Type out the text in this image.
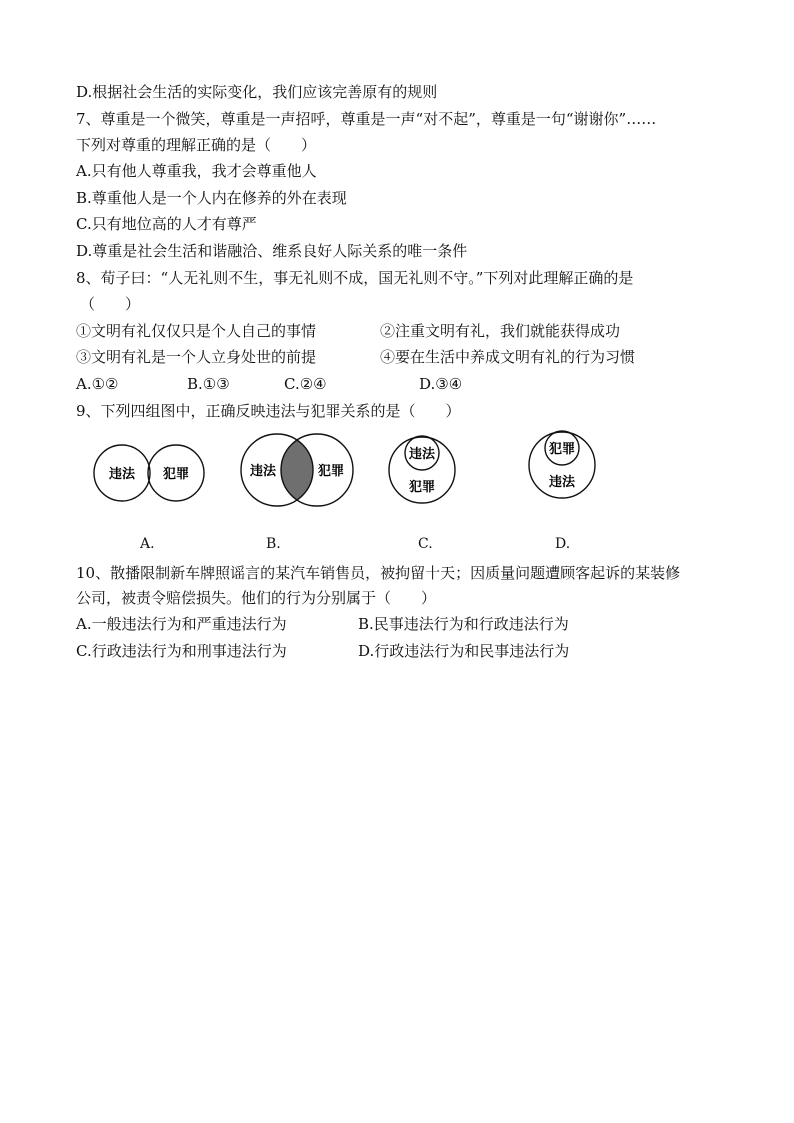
D.根据社会生活的实际变化，我们应该完善原有的规则
7、尊重是一个微笑，尊重是一声招呼，尊重是一声“对不起”，尊重是一句“谢谢你”……
下列对尊重的理解正确的是（　　）
A.只有他人尊重我，我才会尊重他人
B.尊重他人是一个人内在修养的外在表现
C.只有地位高的人才有尊严
D.尊重是社会生活和谐融洽、维系良好人际关系的唯一条件
8、荀子曰：“人无礼则不生，事无礼则不成，国无礼则不守。”下列对此理解正确的是
（　　）
①文明有礼仅仅只是个人自己的事情	②注重文明有礼，我们就能获得成功
③文明有礼是一个人立身处世的前提	④要在生活中养成文明有礼的行为习惯
A.①②	B.①③	C.②④	D.③④
9、下列四组图中，正确反映违法与犯罪关系的是（　　）
违法 犯罪	违法	犯罪
违法
犯罪
犯罪
违法
A.	B.	C.	D.
10、散播限制新车牌照谣言的某汽车销售员，被拘留十天；因质量问题遭顾客起诉的某装修
公司，被责令赔偿损失。他们的行为分别属于（　　）
A.一般违法行为和严重违法行为	B.民事违法行为和行政违法行为
C.行政违法行为和刑事违法行为	D.行政违法行为和民事违法行为
